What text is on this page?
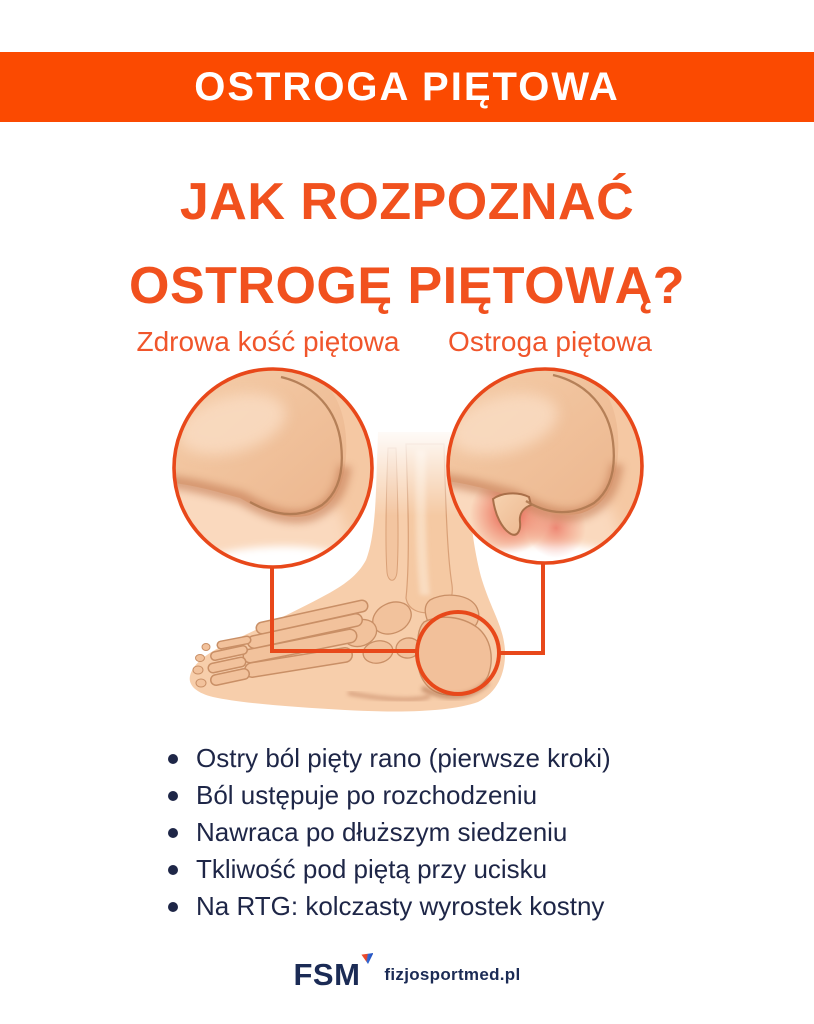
OSTROGA PIĘTOWA
JAK ROZPOZNAĆ
OSTROGĘ PIĘTOWĄ?
Zdrowa kość piętowa	Ostroga piętowa
Ostry ból pięty rano (pierwsze kroki)
Ból ustępuje po rozchodzeniu
Nawraca po dłuższym siedzeniu
Tkliwość pod piętą przy ucisku
Na RTG: kolczasty wyrostek kostny
FSM fizjosportmed.pl
